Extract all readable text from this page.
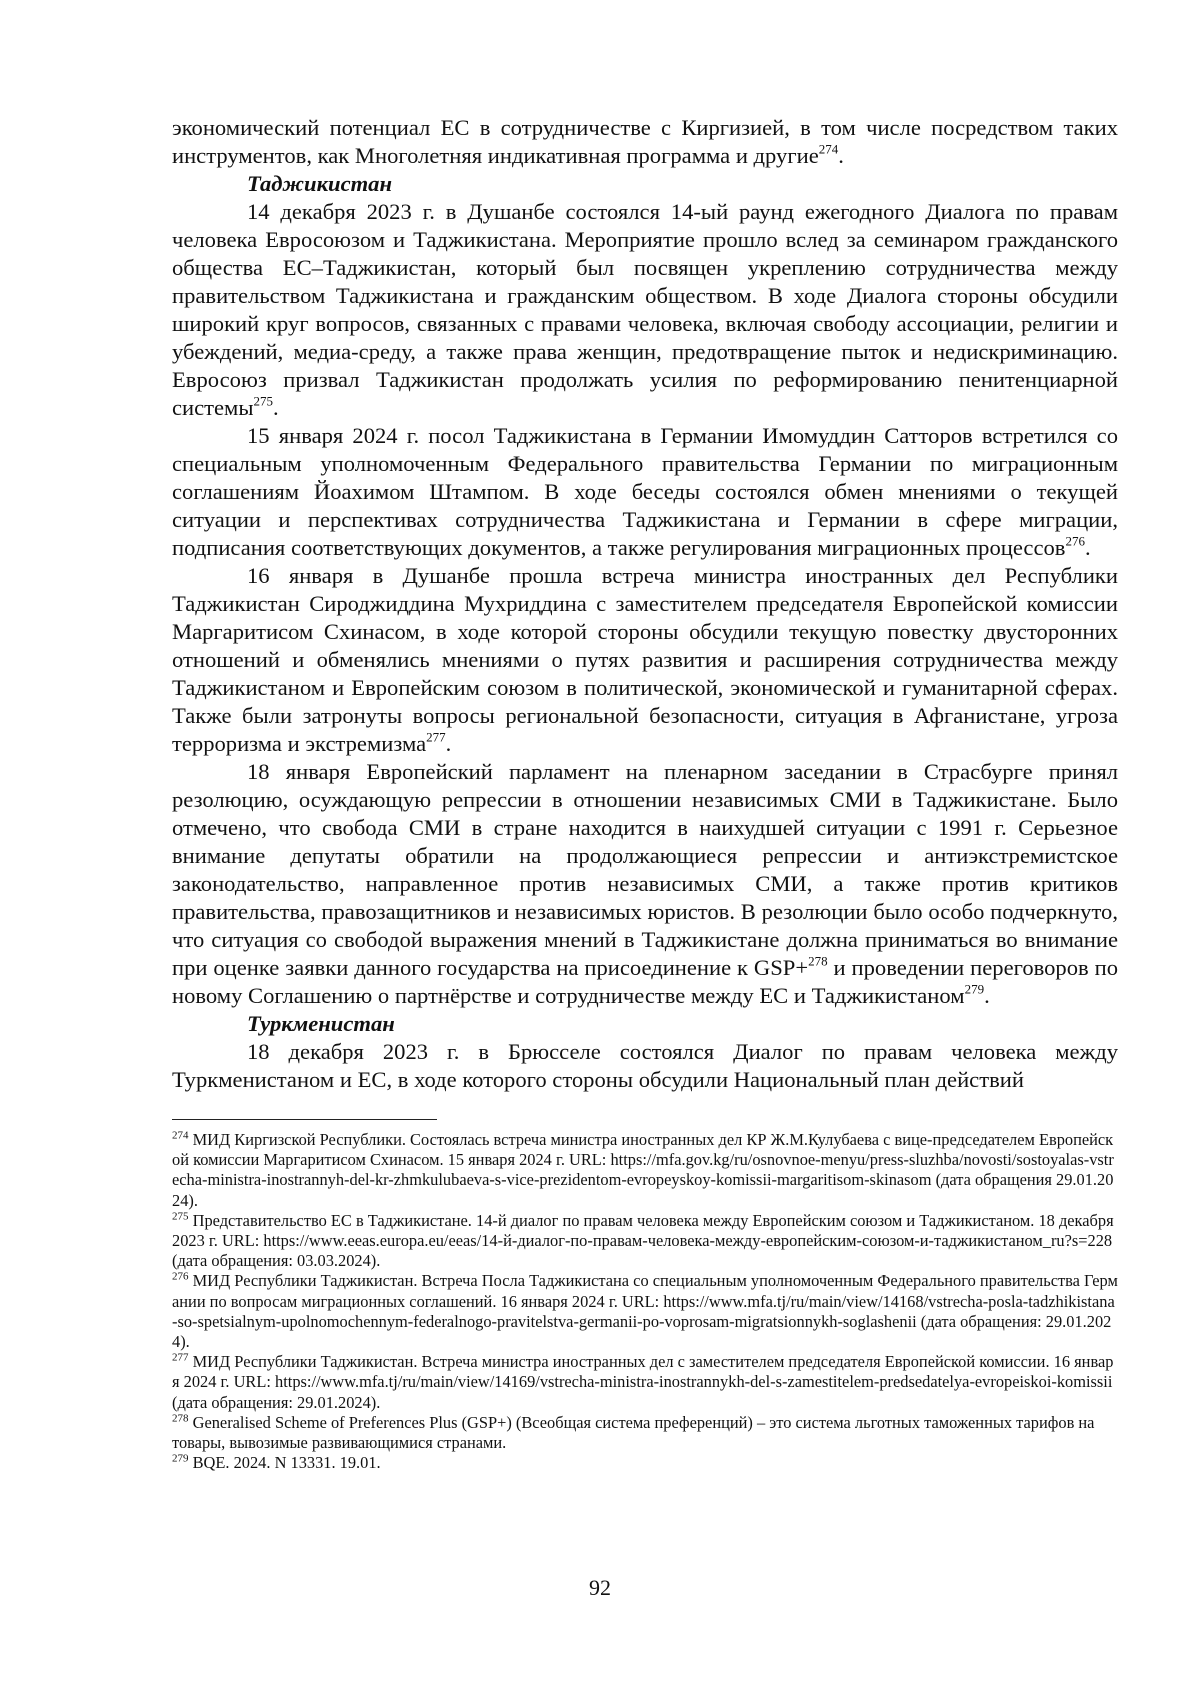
экономический потенциал ЕС в сотрудничестве с Киргизией, в том числе посредством таких инструментов, как Многолетняя индикативная программа и другие$^{274}$.

Таджикистан

14 декабря 2023 г. в Душанбе состоялся 14-ый раунд ежегодного Диалога по правам человека Евросоюзом и Таджикистана. Мероприятие прошло вслед за семинаром гражданского общества ЕС–Таджикистан, который был посвящен укреплению сотрудничества между правительством Таджикистана и гражданским обществом. В ходе Диалога стороны обсудили широкий круг вопросов, связанных с правами человека, включая свободу ассоциации, религии и убеждений, медиа-среду, а также права женщин, предотвращение пыток и недискриминацию. Евросоюз призвал Таджикистан продолжать усилия по реформированию пенитенциарной системы$^{275}$.

15 января 2024 г. посол Таджикистана в Германии Имомуддин Сатторов встретился со специальным уполномоченным Федерального правительства Германии по миграционным соглашениям Йоахимом Штампом. В ходе беседы состоялся обмен мнениями о текущей ситуации и перспективах сотрудничества Таджикистана и Германии в сфере миграции, подписания соответствующих документов, а также регулирования миграционных процессов$^{276}$.

16 января в Душанбе прошла встреча министра иностранных дел Республики Таджикистан Сироджиддина Мухриддина с заместителем председателя Европейской комиссии Маргаритисом Схинасом, в ходе которой стороны обсудили текущую повестку двусторонних отношений и обменялись мнениями о путях развития и расширения сотрудничества между Таджикистаном и Европейским союзом в политической, экономической и гуманитарной сферах. Также были затронуты вопросы региональной безопасности, ситуация в Афганистане, угроза терроризма и экстремизма$^{277}$.

18 января Европейский парламент на пленарном заседании в Страсбурге принял резолюцию, осуждающую репрессии в отношении независимых СМИ в Таджикистане. Было отмечено, что свобода СМИ в стране находится в наихудшей ситуации с 1991 г. Серьезное внимание депутаты обратили на продолжающиеся репрессии и антиэкстремистское законодательство, направленное против независимых СМИ, а также против критиков правительства, правозащитников и независимых юристов. В резолюции было особо подчеркнуто, что ситуация со свободой выражения мнений в Таджикистане должна приниматься во внимание при оценке заявки данного государства на присоединение к GSP+$^{278}$ и проведении переговоров по новому Соглашению о партнёрстве и сотрудничестве между ЕС и Таджикистаном$^{279}$.

Туркменистан

18 декабря 2023 г. в Брюсселе состоялся Диалог по правам человека между Туркменистаном и ЕС, в ходе которого стороны обсудили Национальный план действий

$^{274}$ МИД Киргизской Республики. Состоялась встреча министра иностранных дел КР Ж.М.Кулубаева с вице-председателем Европейской комиссии Маргаритисом Схинасом. 15 января 2024 г. URL: https://mfa.gov.kg/ru/osnovnoe-menyu/press-sluzhba/novosti/sostoyalas-vstrecha-ministra-inostrannyh-del-kr-zhmkulubaeva-s-vice-prezidentom-evropeyskoy-komissii-margaritisom-skinasom (дата обращения 29.01.2024).

$^{275}$ Представительство ЕС в Таджикистане. 14-й диалог по правам человека между Европейским союзом и Таджикистаном. 18 декабря 2023 г. URL: https://www.eeas.europa.eu/eeas/14-й-диалог-по-правам-человека-между-европейским-союзом-и-таджикистаном_ru?s=228 (дата обращения: 03.03.2024).

$^{276}$ МИД Республики Таджикистан. Встреча Посла Таджикистана со специальным уполномоченным Федерального правительства Германии по вопросам миграционных соглашений. 16 января 2024 г. URL: https://www.mfa.tj/ru/main/view/14168/vstrecha-posla-tadzhikistana-so-spetsialnym-upolnomochennym-federalnogo-pravitelstva-germanii-po-voprosam-migratsionnykh-soglashenii (дата обращения: 29.01.2024).

$^{277}$ МИД Республики Таджикистан. Встреча министра иностранных дел с заместителем председателя Европейской комиссии. 16 января 2024 г. URL: https://www.mfa.tj/ru/main/view/14169/vstrecha-ministra-inostrannykh-del-s-zamestitelem-predsedatelya-evropeiskoi-komissii (дата обращения: 29.01.2024).

$^{278}$ Generalised Scheme of Preferences Plus (GSP+) (Всеобщая система преференций) – это система льготных таможенных тарифов на товары, вывозимые развивающимися странами.

$^{279}$ BQE. 2024. N 13331. 19.01.

92
